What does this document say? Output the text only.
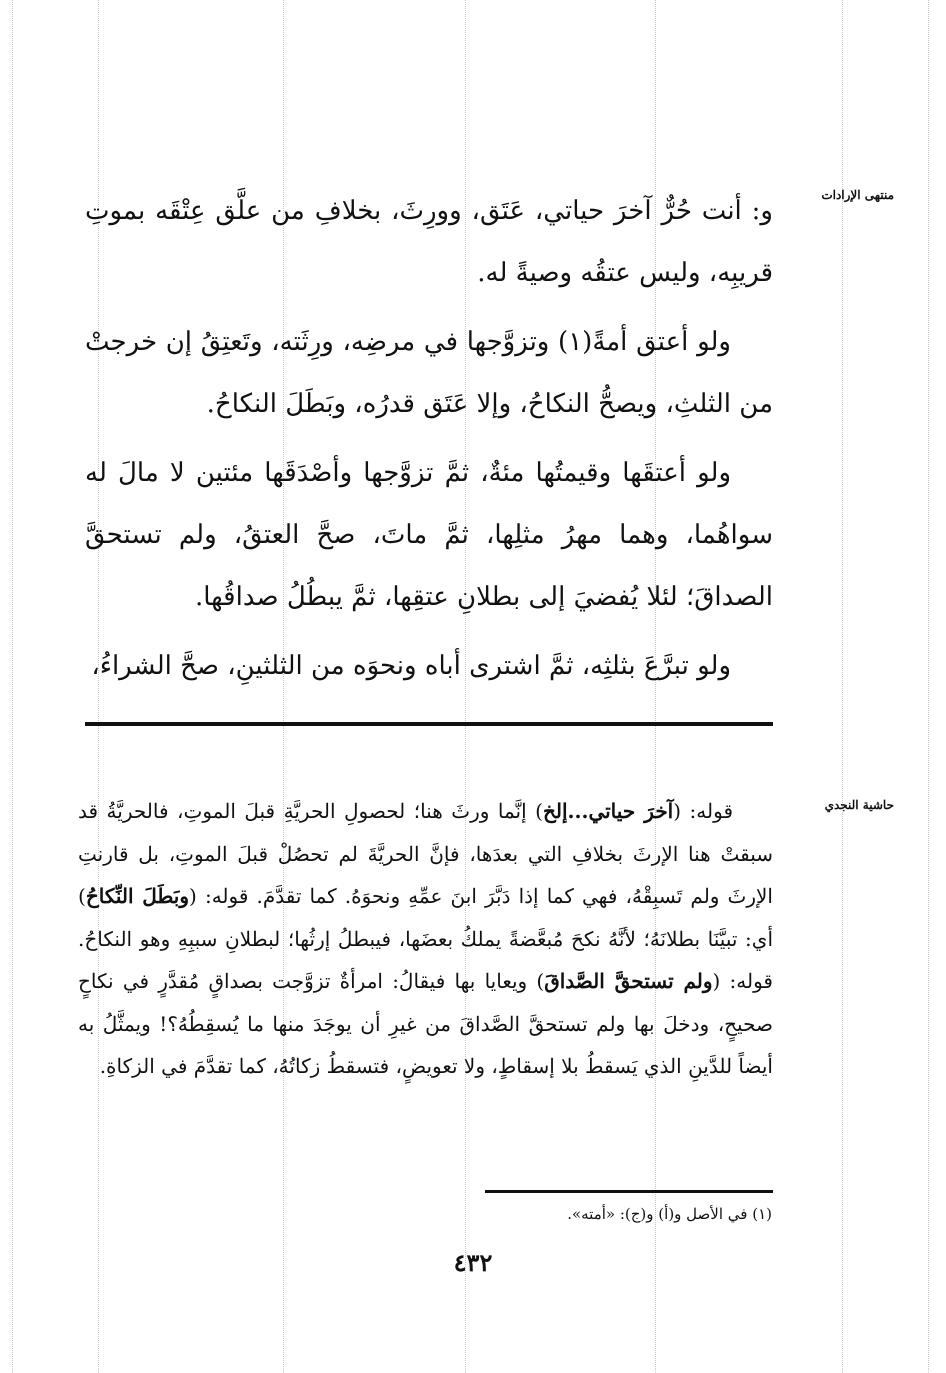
منتهى الإرادات
حاشية النجدي

و: أنت حُرٌّ آخرَ حياتي، عَتَق، وورِثَ، بخلافِ من علَّق عِتْقَه بموتِ قريبِه، وليس عتقُه وصيةً له.

ولو أعتق أمةً(١) وتزوَّجها في مرضِه، ورِثَته، وتَعتِقُ إن خرجتْ من الثلثِ، ويصحُّ النكاحُ، وإلا عَتَق قدرُه، وبَطَلَ النكاحُ.

ولو أعتقَها وقيمتُها مئةٌ، ثمَّ تزوَّجها وأصْدَقَها مئتين لا مالَ له سواهُما، وهما مهرُ مثلِها، ثمَّ ماتَ، صحَّ العتقُ، ولم تستحقَّ الصداقَ؛ لئلا يُفضيَ إلى بطلانِ عتقِها، ثمَّ يبطُلُ صداقُها.

ولو تبرَّعَ بثلثِه، ثمَّ اشترى أباه ونحوَه من الثلثينِ، صحَّ الشراءُ،

قوله: (آخرَ حياتي...إلخ) إنَّما ورثَ هنا؛ لحصولِ الحريَّةِ قبلَ الموتِ، فالحريَّةُ قد سبقتْ هنا الإرثَ بخلافِ التي بعدَها، فإنَّ الحريَّةَ لم تحصُلْ قبلَ الموتِ، بل قارنتِ الإرثَ ولم تَسبِقْهُ، فهي كما إذا دَبَّرَ ابنَ عمِّهِ ونحوَهُ. كما تقدَّمَ. قوله: (وبَطَلَ النِّكاحُ) أي: تبيَّنَا بطلانَهُ؛ لأنَّهُ نكحَ مُبعَّضةً يملكُ بعضَها، فيبطلُ إرثُها؛ لبطلانِ سببِهِ وهو النكاحُ. قوله: (ولم تستحقَّ الصَّداقَ) ويعايا بها فيقالُ: امرأةٌ تزوَّجت بصداقٍ مُقدَّرٍ في نكاحٍ صحيحٍ، ودخلَ بها ولم تستحقَّ الصَّداقَ من غيرِ أن يوجَدَ منها ما يُسقِطُهُ؟! ويمثَّلُ به أيضاً للدَّينِ الذي يَسقطُ بلا إسقاطٍ، ولا تعويضٍ، فتسقطُ زكاتُهُ، كما تقدَّمَ في الزكاةِ.

(١) في الأصل و(أ) و(ج): «أمته».
٤٣٢
